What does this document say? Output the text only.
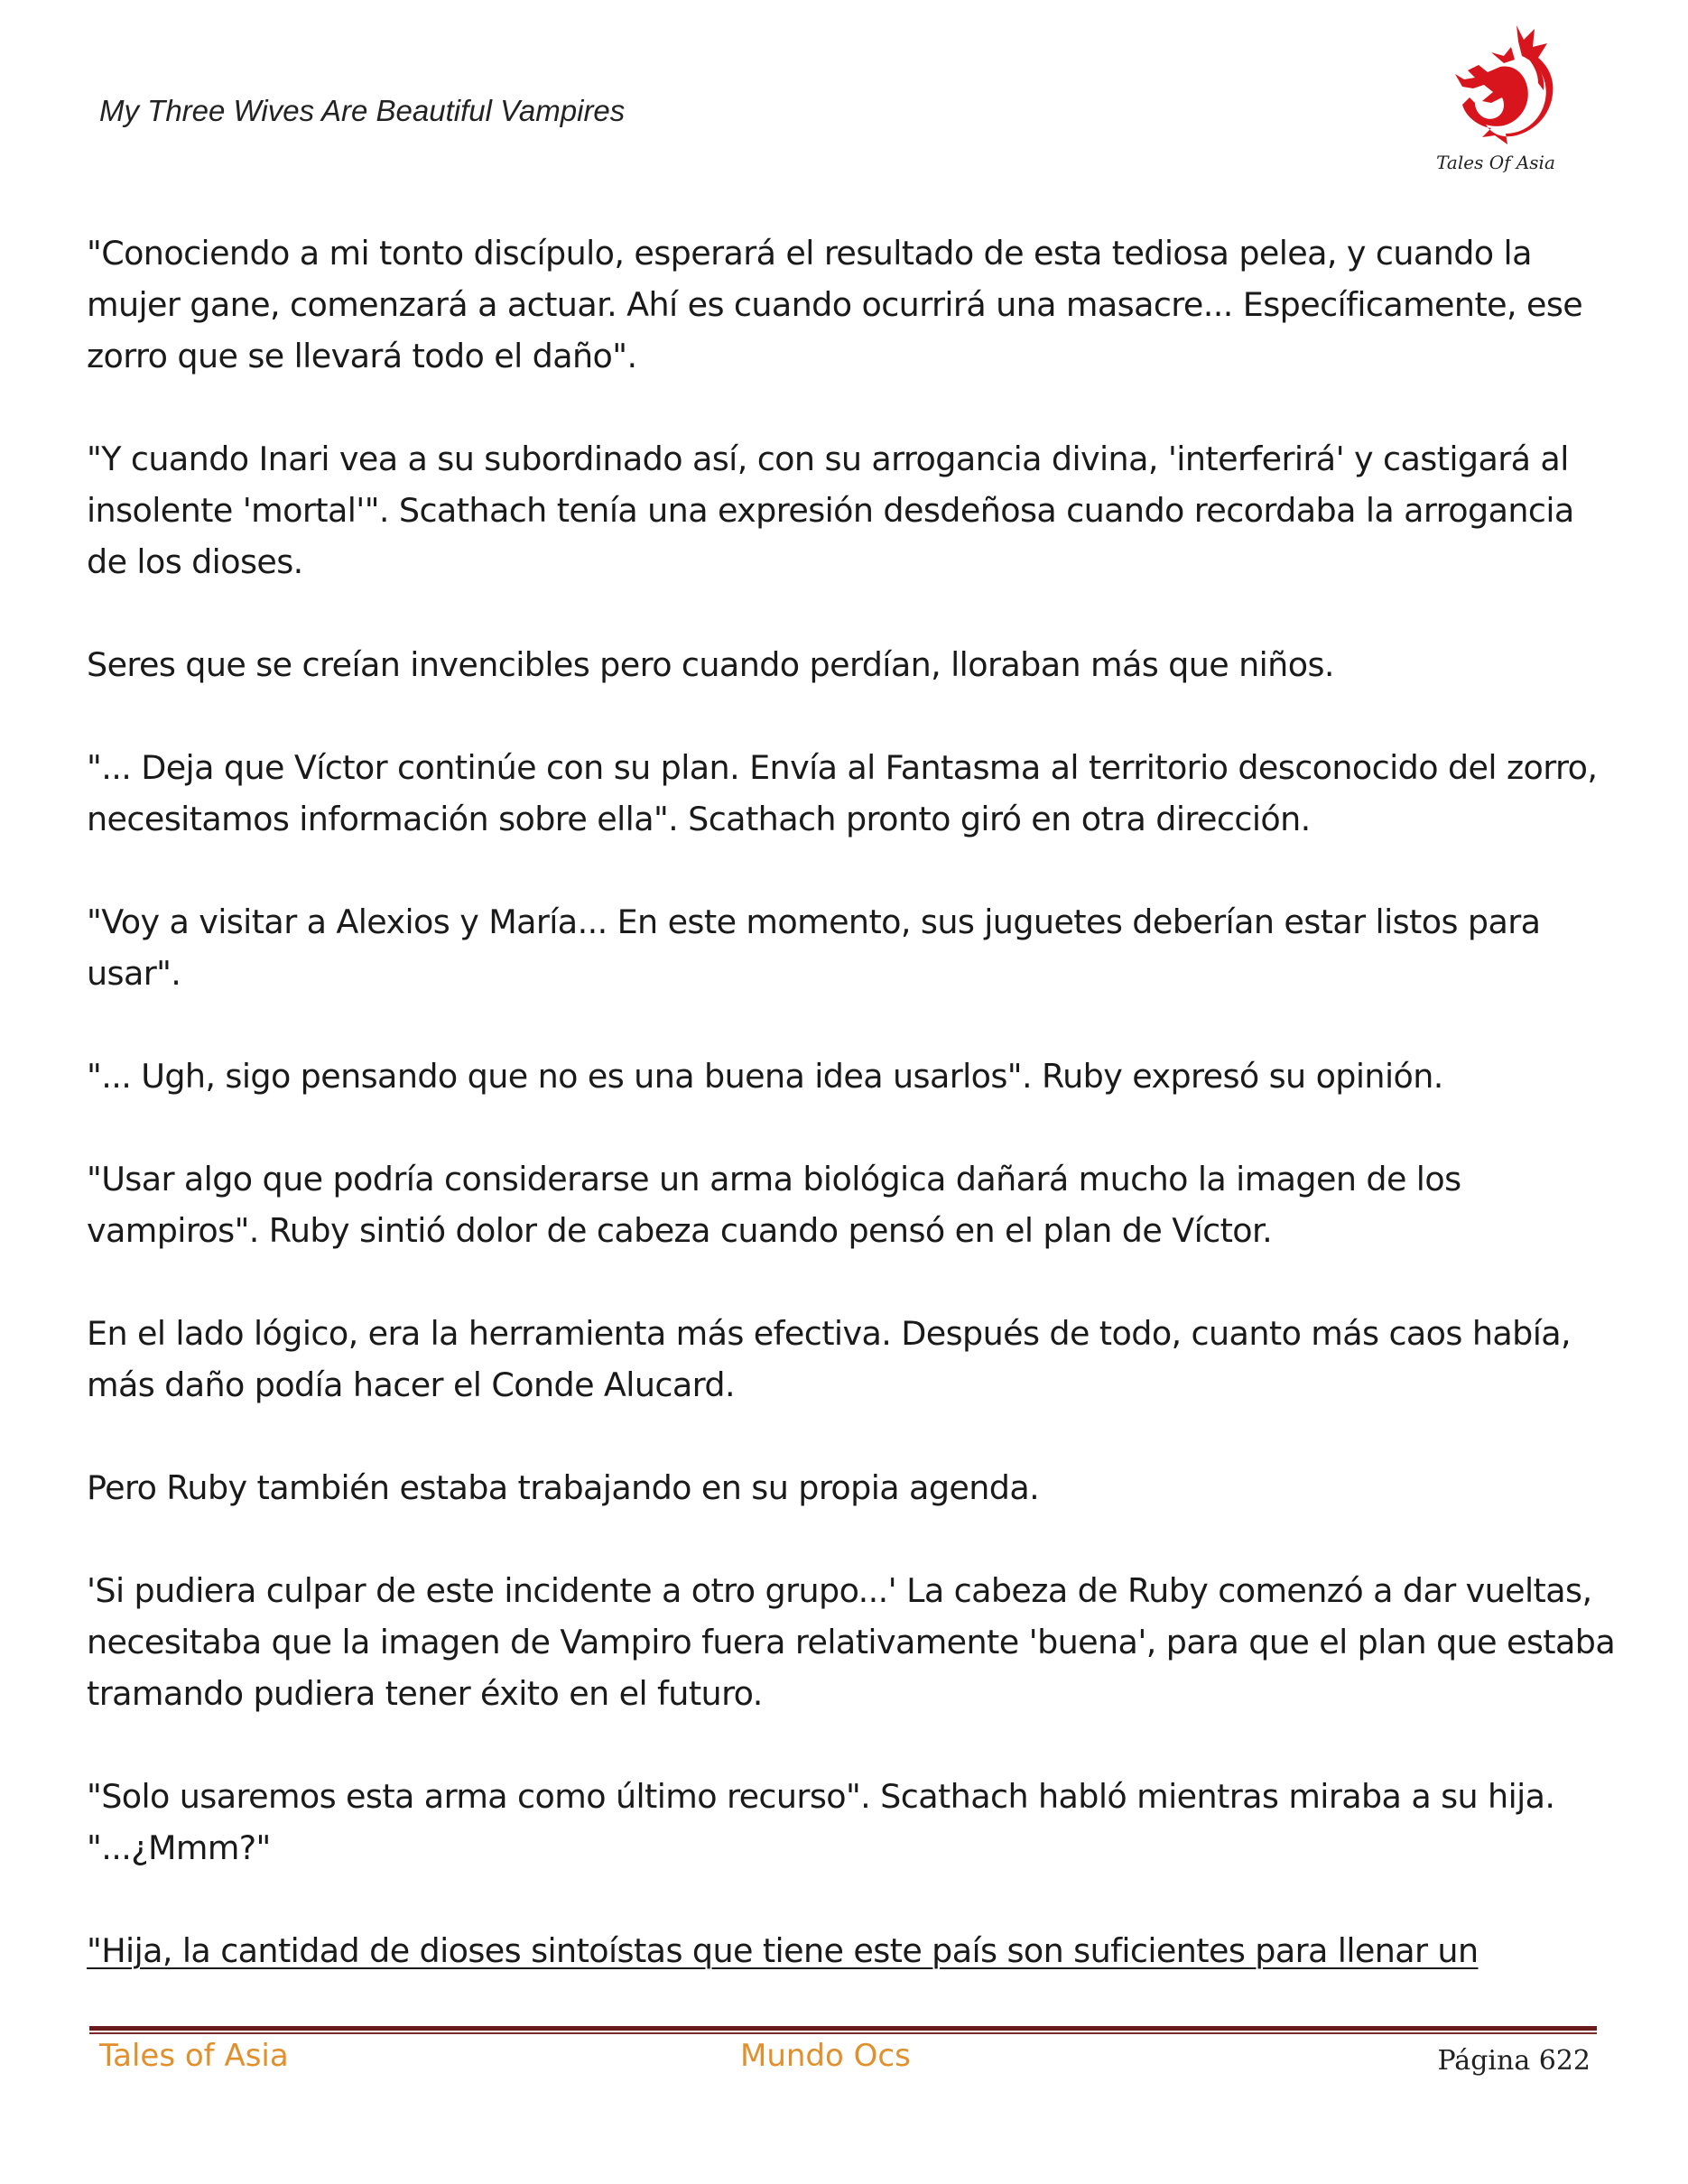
My Three Wives Are Beautiful Vampires
Tales Of Asia

"Conociendo a mi tonto discípulo, esperará el resultado de esta tediosa pelea, y cuando la mujer gane, comenzará a actuar. Ahí es cuando ocurrirá una masacre... Específicamente, ese zorro que se llevará todo el daño".

"Y cuando Inari vea a su subordinado así, con su arrogancia divina, 'interferirá' y castigará al insolente 'mortal'". Scathach tenía una expresión desdeñosa cuando recordaba la arrogancia de los dioses.

Seres que se creían invencibles pero cuando perdían, lloraban más que niños.

"... Deja que Víctor continúe con su plan. Envía al Fantasma al territorio desconocido del zorro, necesitamos información sobre ella". Scathach pronto giró en otra dirección.

"Voy a visitar a Alexios y María... En este momento, sus juguetes deberían estar listos para usar".

"... Ugh, sigo pensando que no es una buena idea usarlos". Ruby expresó su opinión.

"Usar algo que podría considerarse un arma biológica dañará mucho la imagen de los vampiros". Ruby sintió dolor de cabeza cuando pensó en el plan de Víctor.

En el lado lógico, era la herramienta más efectiva. Después de todo, cuanto más caos había, más daño podía hacer el Conde Alucard.

Pero Ruby también estaba trabajando en su propia agenda.

'Si pudiera culpar de este incidente a otro grupo...' La cabeza de Ruby comenzó a dar vueltas, necesitaba que la imagen de Vampiro fuera relativamente 'buena', para que el plan que estaba tramando pudiera tener éxito en el futuro.

"Solo usaremos esta arma como último recurso". Scathach habló mientras miraba a su hija.

"...¿Mmm?"

"Hija, la cantidad de dioses sintoístas que tiene este país son suficientes para llenar un

Tales of Asia	Mundo Ocs	Página 622
